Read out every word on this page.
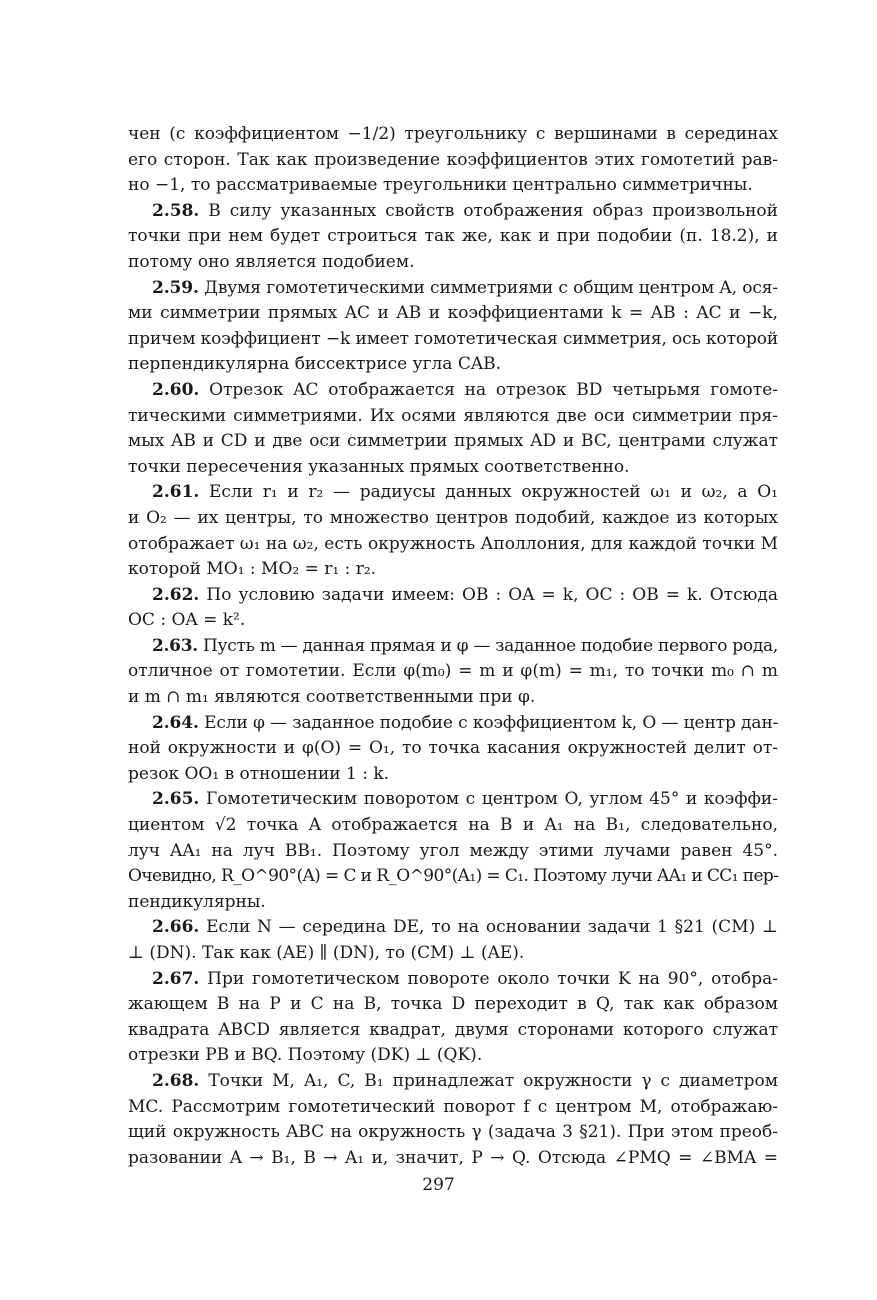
чен (с коэффициентом −1/2) треугольнику с вершинами в серединах
его сторон. Так как произведение коэффициентов этих гомотетий рав-
но −1, то рассматриваемые треугольники центрально симметричны.
2.58. В силу указанных свойств отображения образ произвольной
точки при нем будет строиться так же, как и при подобии (п. 18.2), и
потому оно является подобием.
2.59. Двумя гомотетическими симметриями с общим центром A, ося-
ми симметрии прямых AC и AB и коэффициентами k = AB : AC и −k,
причем коэффициент −k имеет гомотетическая симметрия, ось которой
перпендикулярна биссектрисе угла CAB.
2.60. Отрезок AC отображается на отрезок BD четырьмя гомоте-
тическими симметриями. Их осями являются две оси симметрии пря-
мых AB и CD и две оси симметрии прямых AD и BC, центрами служат
точки пересечения указанных прямых соответственно.
2.61. Если r₁ и r₂ — радиусы данных окружностей ω₁ и ω₂, а O₁
и O₂ — их центры, то множество центров подобий, каждое из которых
отображает ω₁ на ω₂, есть окружность Аполлония, для каждой точки M
которой MO₁ : MO₂ = r₁ : r₂.
2.62. По условию задачи имеем: OB : OA = k, OC : OB = k. Отсюда
OC : OA = k².
2.63. Пусть m — данная прямая и φ — заданное подобие первого рода,
отличное от гомотетии. Если φ(m₀) = m и φ(m) = m₁, то точки m₀ ∩ m
и m ∩ m₁ являются соответственными при φ.
2.64. Если φ — заданное подобие с коэффициентом k, O — центр дан-
ной окружности и φ(O) = O₁, то точка касания окружностей делит от-
резок OO₁ в отношении 1 : k.
2.65. Гомотетическим поворотом с центром O, углом 45° и коэффи-
циентом √2 точка A отображается на B и A₁ на B₁, следовательно,
луч AA₁ на луч BB₁. Поэтому угол между этими лучами равен 45°.
Очевидно, R_O^90°(A) = C и R_O^90°(A₁) = C₁. Поэтому лучи AA₁ и CC₁ пер-
пендикулярны.
2.66. Если N — середина DE, то на основании задачи 1 §21 (CM) ⊥
⊥ (DN). Так как (AE) ∥ (DN), то (CM) ⊥ (AE).
2.67. При гомотетическом повороте около точки K на 90°, отобра-
жающем B на P и C на B, точка D переходит в Q, так как образом
квадрата ABCD является квадрат, двумя сторонами которого служат
отрезки PB и BQ. Поэтому (DK) ⊥ (QK).
2.68. Точки M, A₁, C, B₁ принадлежат окружности γ с диаметром
MC. Рассмотрим гомотетический поворот f с центром M, отображаю-
щий окружность ABC на окружность γ (задача 3 §21). При этом преоб-
разовании A → B₁, B → A₁ и, значит, P → Q. Отсюда ∠PMQ = ∠BMA =
297
